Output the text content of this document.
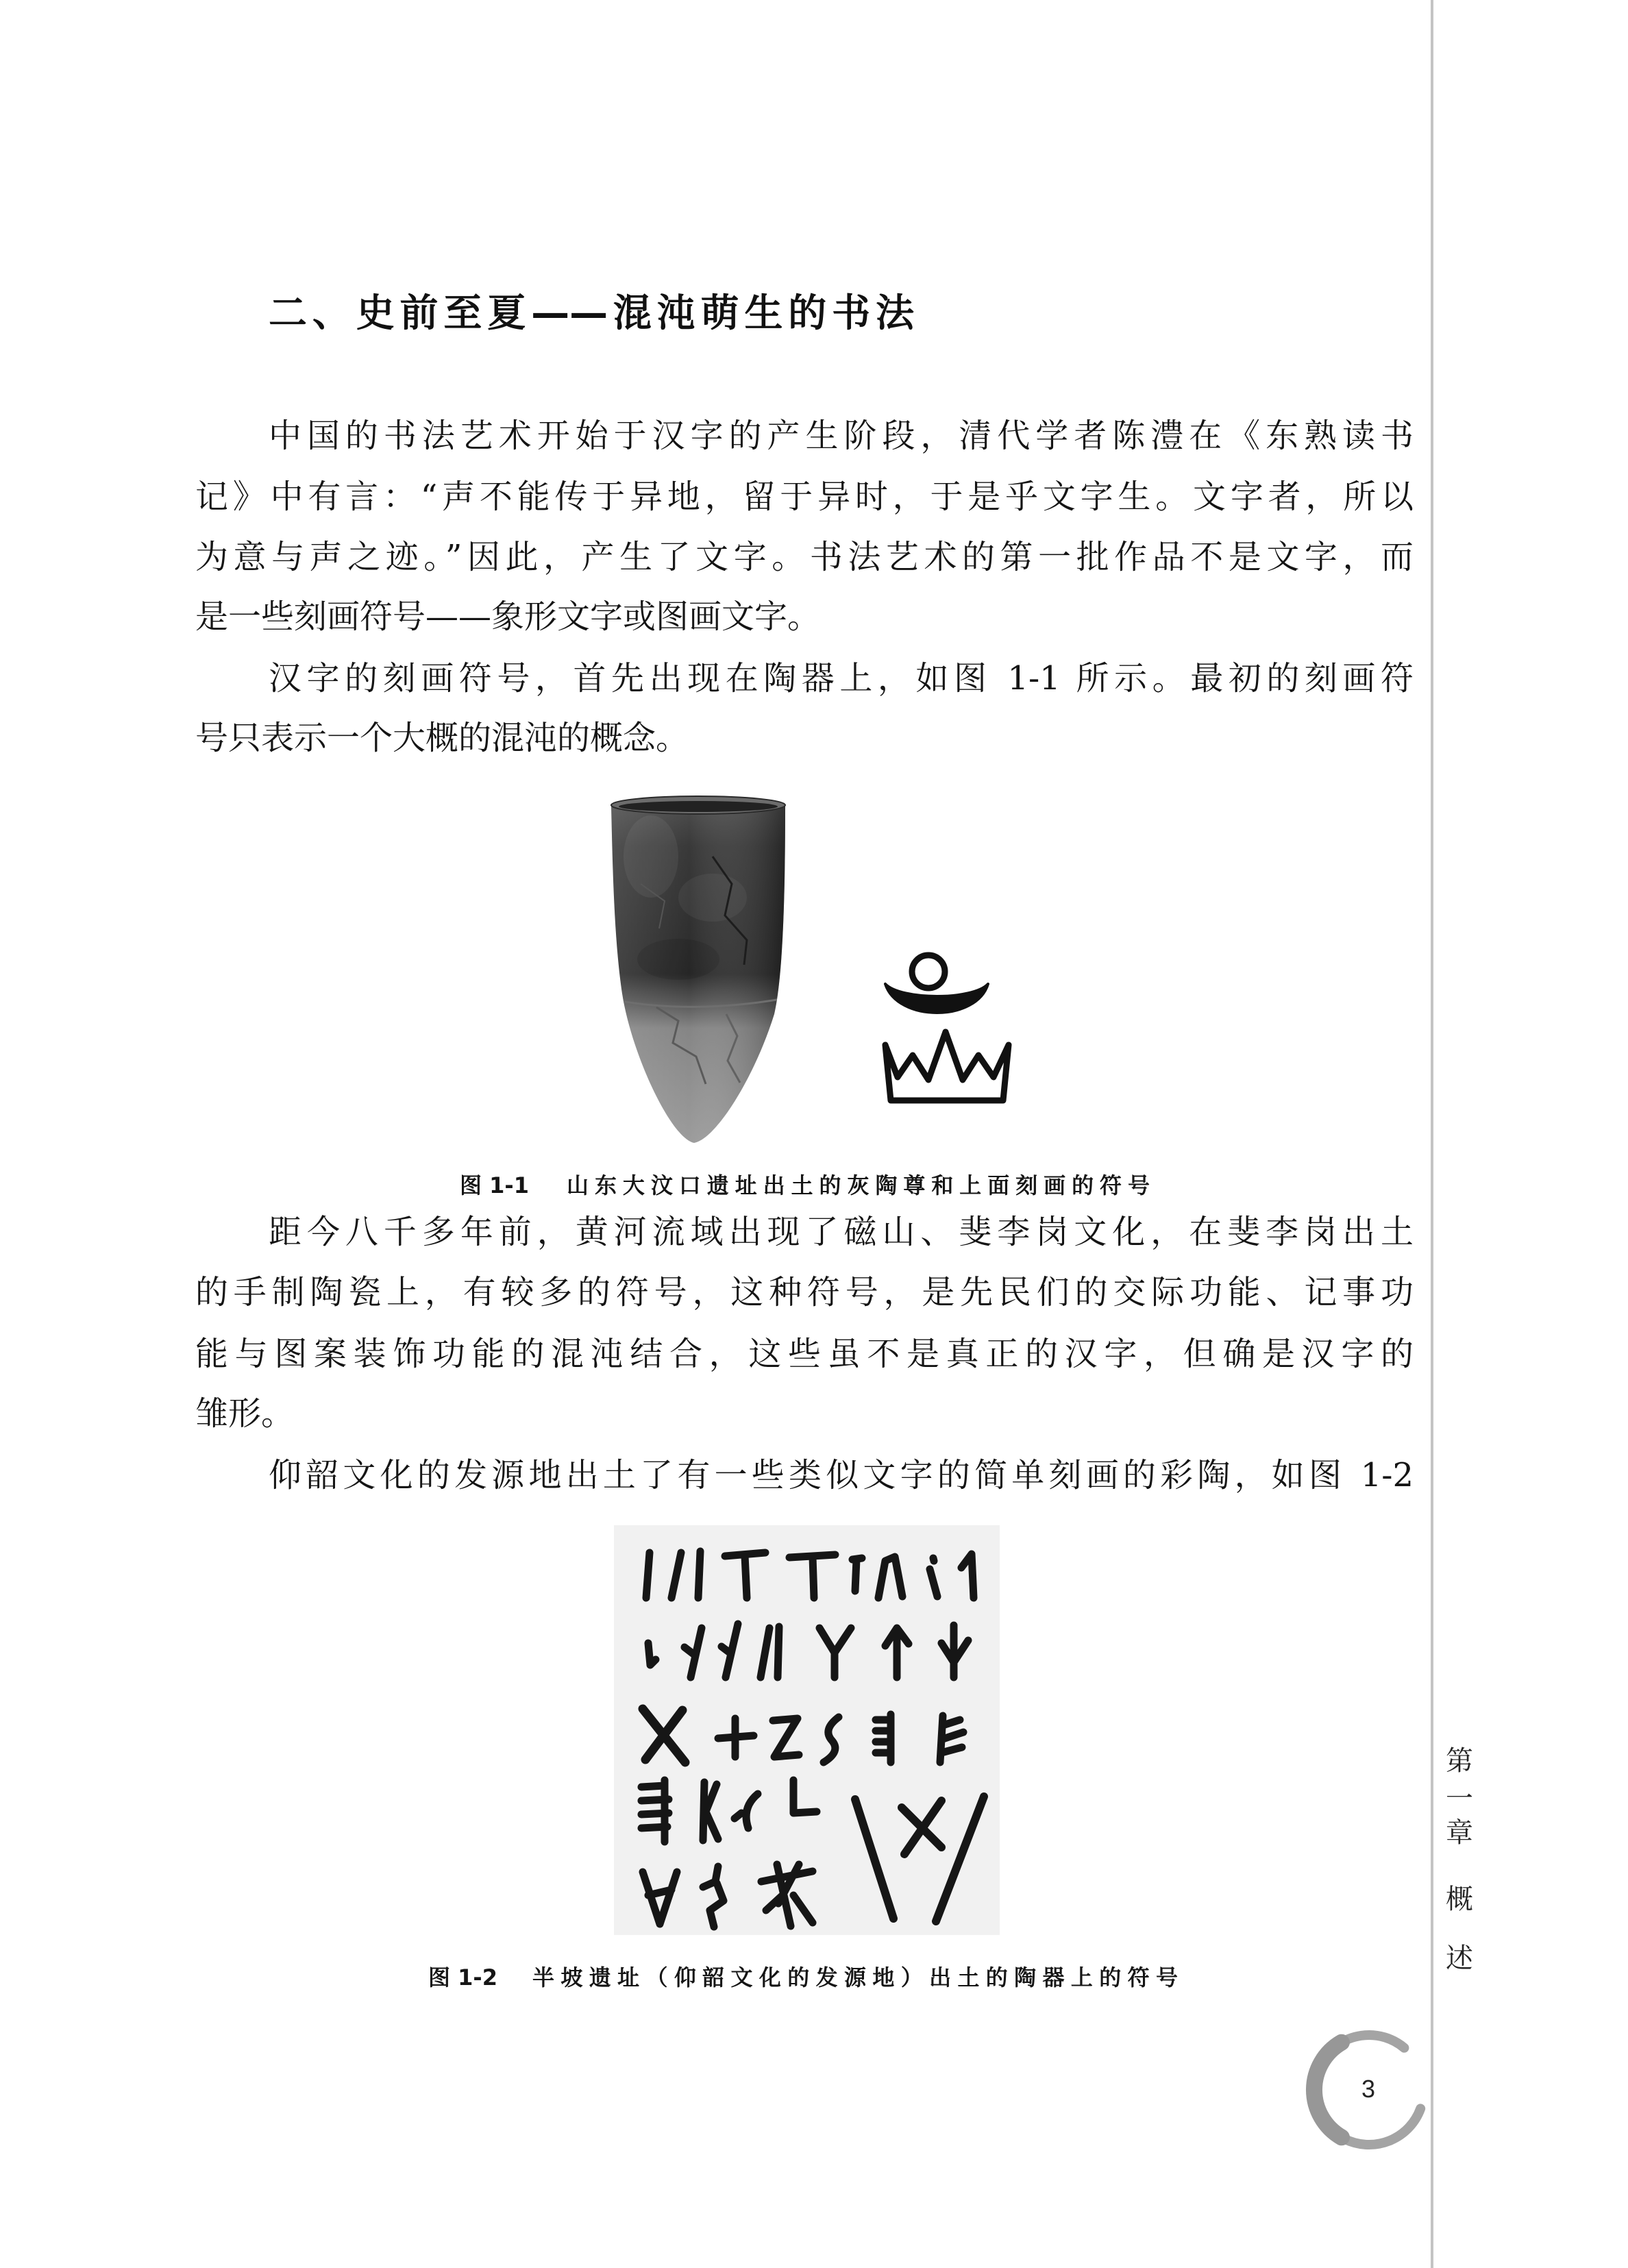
二、史前至夏——混沌萌生的书法
中国的书法艺术开始于汉字的产生阶段，清代学者陈澧在《东熟读书
记》中有言：“声不能传于异地，留于异时，于是乎文字生。文字者，所以
为意与声之迹。”因此，产生了文字。书法艺术的第一批作品不是文字，而
是一些刻画符号——象形文字或图画文字。
汉字的刻画符号，首先出现在陶器上，如图 1-1 所示。最初的刻画符
号只表示一个大概的混沌的概念。
图 1-1	山东大汶口遗址出土的灰陶尊和上面刻画的符号
距今八千多年前，黄河流域出现了磁山、斐李岗文化，在斐李岗出土
的手制陶瓷上，有较多的符号，这种符号，是先民们的交际功能、记事功
能与图案装饰功能的混沌结合，这些虽不是真正的汉字，但确是汉字的
雏形。
仰韶文化的发源地出土了有一些类似文字的简单刻画的彩陶，如图 1-2
图 1-2	半坡遗址（仰韶文化的发源地）出土的陶器上的符号
第
一
章
概
述
3
